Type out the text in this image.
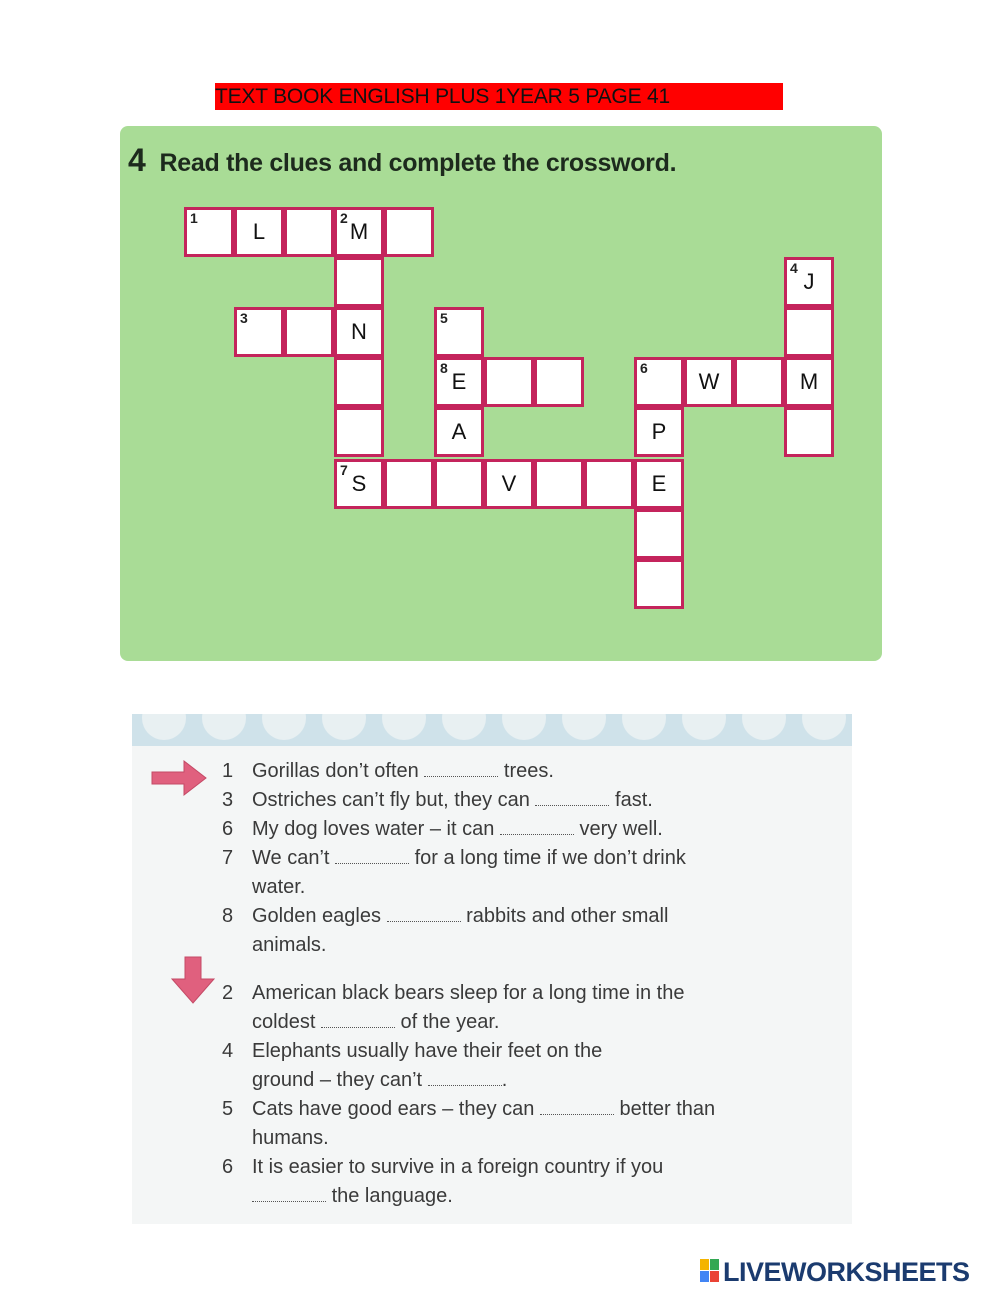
TEXT BOOK ENGLISH PLUS 1YEAR 5 PAGE 41
4 Read the clues and complete the crossword.
1
L
2
M
N
3
7
S	V	E
5
8
E
A
6
P
W	M
4
J
1 Gorillas don’t often	trees.
3 Ostriches can’t fly but, they can	fast.
6 My dog loves water – it can	very well.
7 We can’t	for a long time if we don’t drink
water.
8 Golden eagles	rabbits and other small
animals.
2 American black bears sleep for a long time in the
coldest	of the year.
4 Elephants usually have their feet on the
ground – they can’t	.
5 Cats have good ears – they can	better than
humans.
6 It is easier to survive in a foreign country if you
the language.
LIVEWORKSHEETS
